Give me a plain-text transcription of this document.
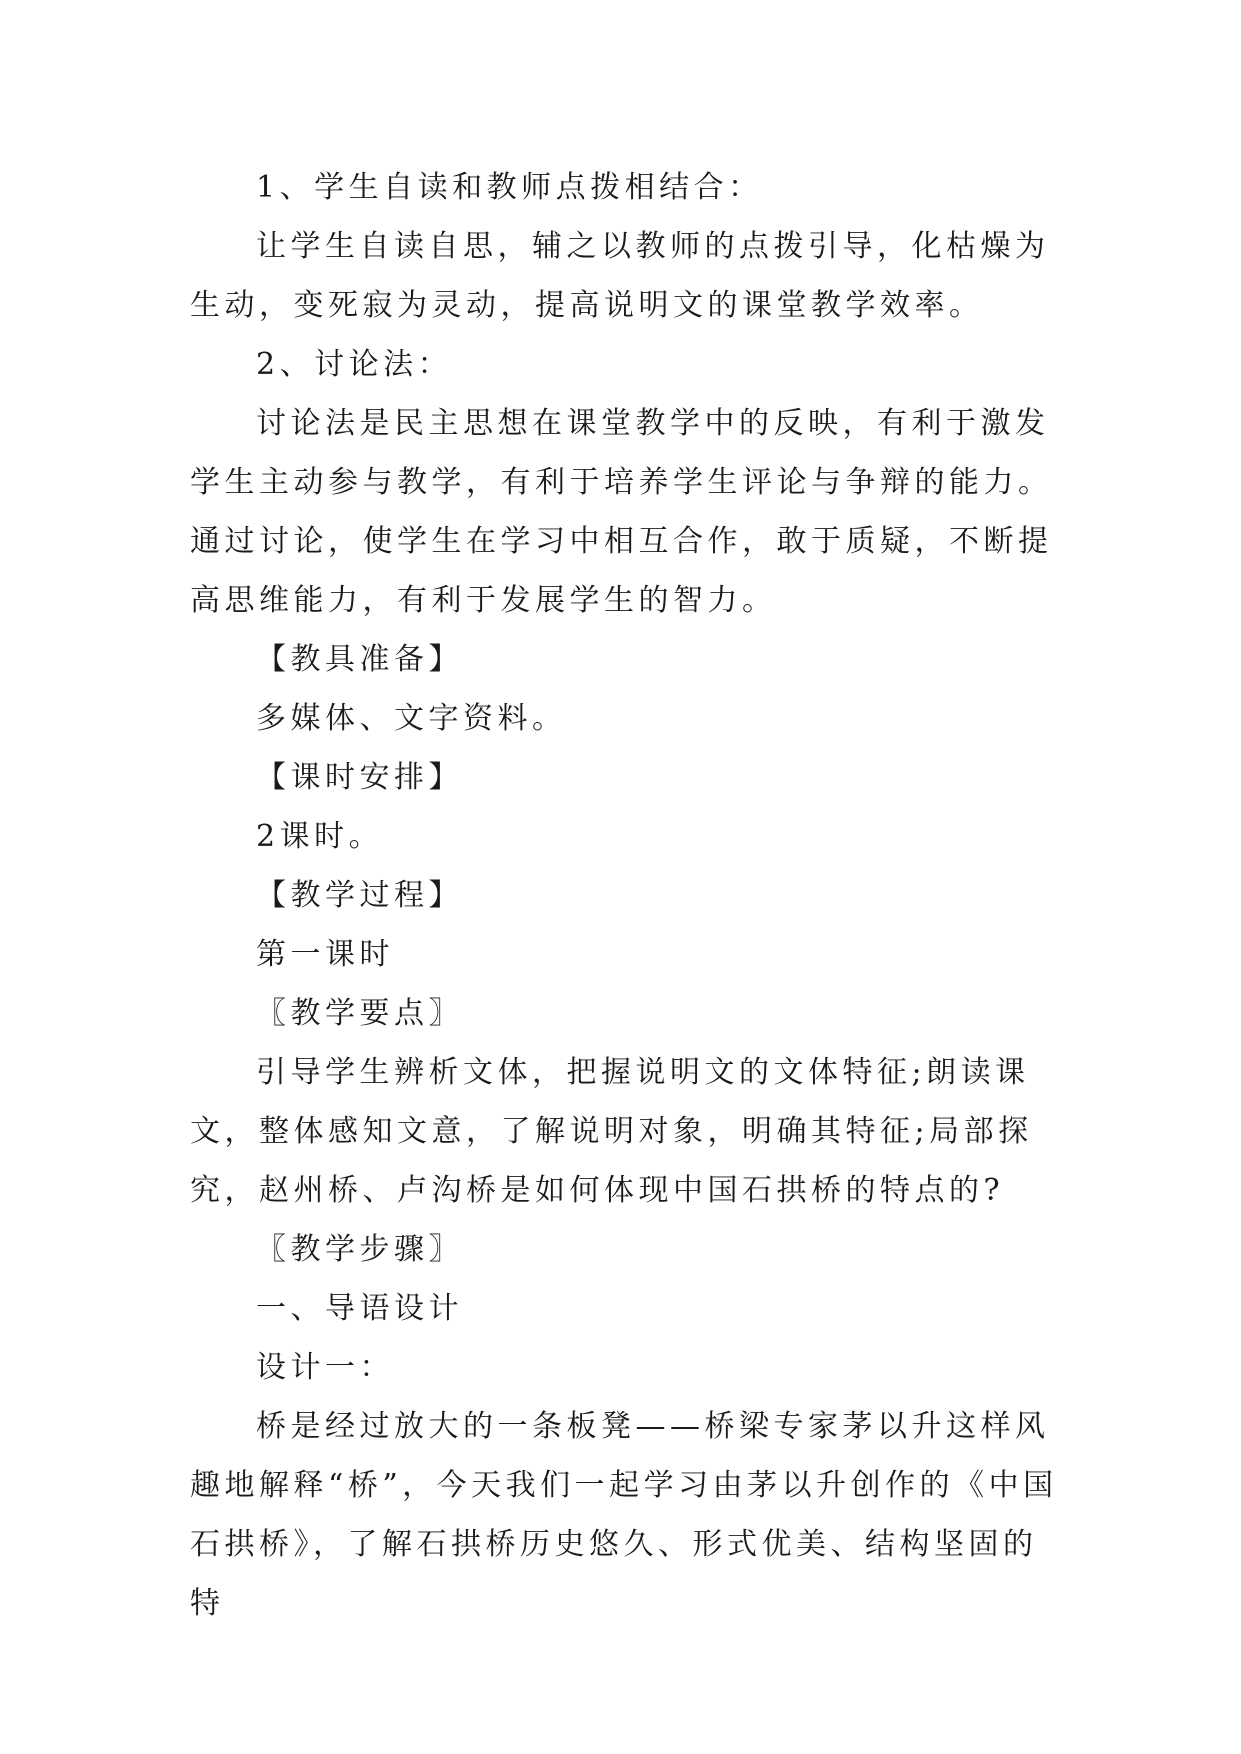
1、学生自读和教师点拨相结合：

让学生自读自思，辅之以教师的点拨引导，化枯燥为生动，变死寂为灵动，提高说明文的课堂教学效率。

2、讨论法：

讨论法是民主思想在课堂教学中的反映，有利于激发学生主动参与教学，有利于培养学生评论与争辩的能力。通过讨论，使学生在学习中相互合作，敢于质疑，不断提高思维能力，有利于发展学生的智力。

【教具准备】

多媒体、文字资料。

【课时安排】

2课时。

【教学过程】

第一课时

〖教学要点〗

引导学生辨析文体，把握说明文的文体特征;朗读课文，整体感知文意，了解说明对象，明确其特征;局部探究，赵州桥、卢沟桥是如何体现中国石拱桥的特点的?

〖教学步骤〗

一、导语设计

设计一：

桥是经过放大的一条板凳——桥梁专家茅以升这样风趣地解释“桥”，今天我们一起学习由茅以升创作的《中国石拱桥》，了解石拱桥历史悠久、形式优美、结构坚固的特
